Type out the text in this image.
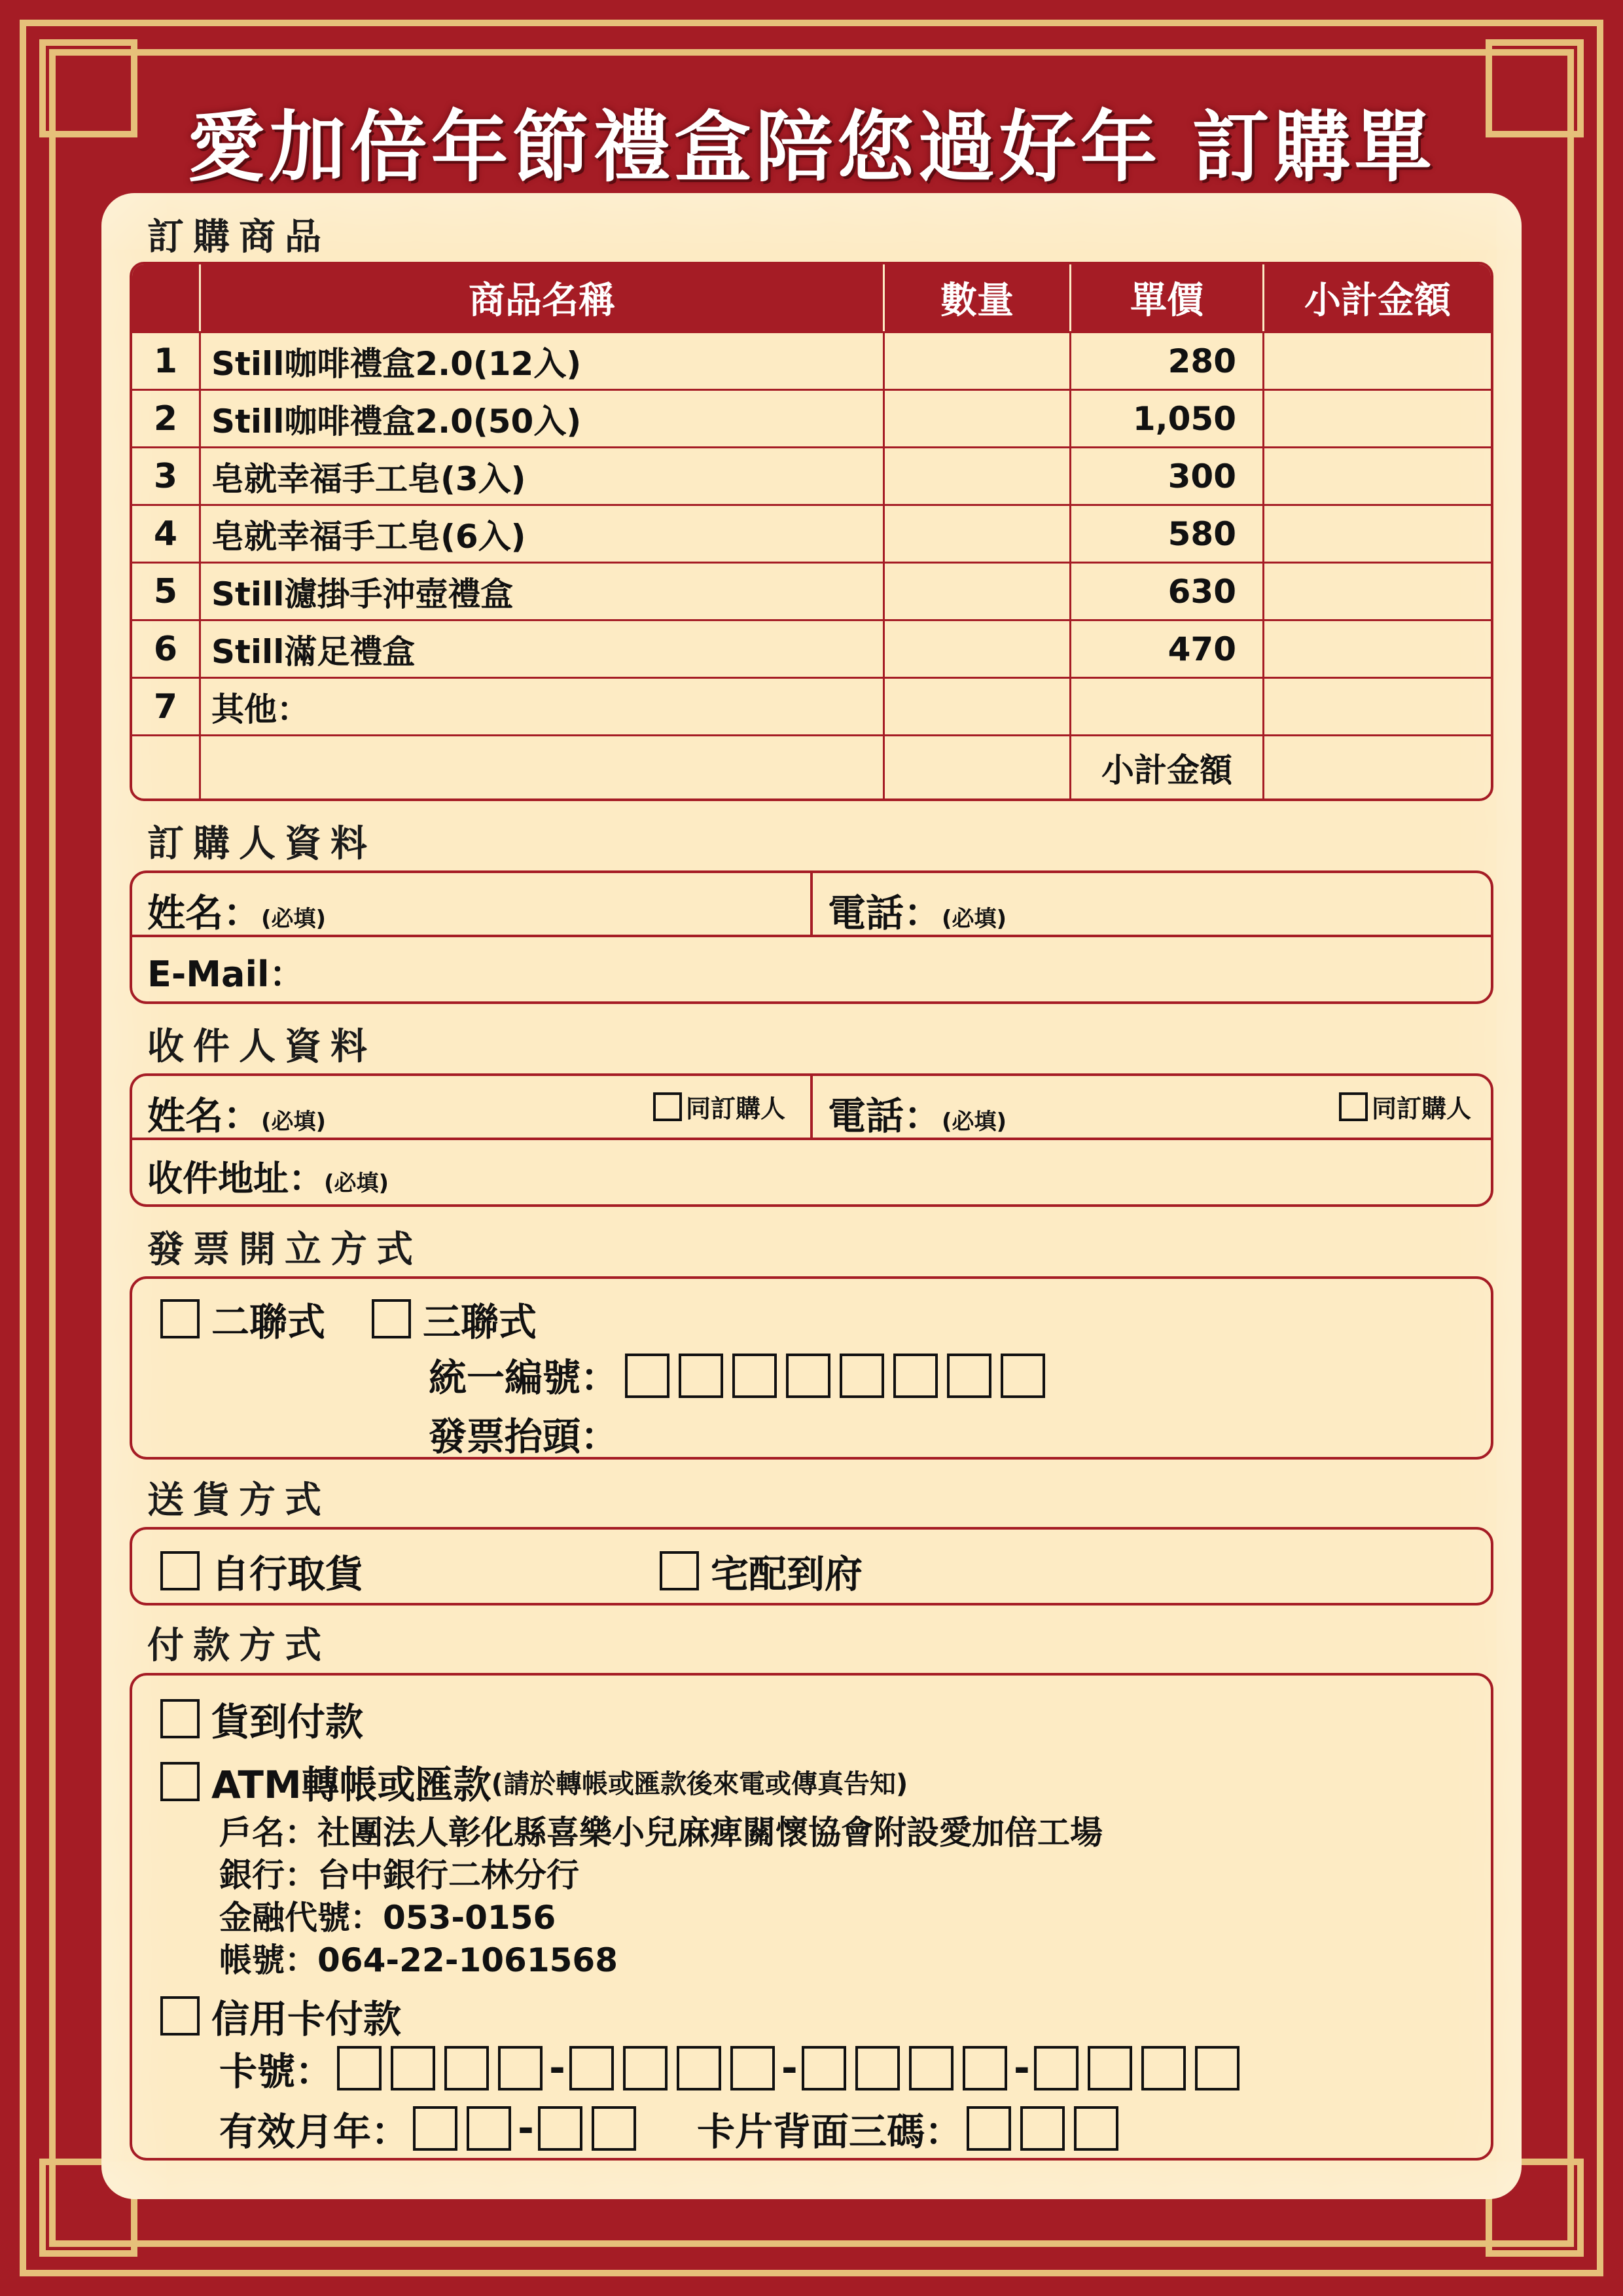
愛加倍年節禮盒陪您過好年 訂購單
訂購商品
	商品名稱	數量	單價	小計金額
1	Still咖啡禮盒2.0(12入)		280	
2	Still咖啡禮盒2.0(50入)		1,050	
3	皂就幸福手工皂(3入)		300	
4	皂就幸福手工皂(6入)		580	
5	Still濾掛手沖壺禮盒		630	
6	Still滿足禮盒		470	
7	其他：			
			小計金額	
訂購人資料
姓名：(必填)	電話：(必填)
E-Mail：
收件人資料
姓名：(必填)	同訂購人 電話：(必填)	同訂購人
收件地址：(必填)
發票開立方式
二聯式	三聯式
統一編號：
發票抬頭：
送貨方式
自行取貨	宅配到府
付款方式
貨到付款
ATM轉帳或匯款 (請於轉帳或匯款後來電或傳真告知)
戶名：社團法人彰化縣喜樂小兒麻痺關懷協會附設愛加倍工場
銀行：台中銀行二林分行
金融代號：053-0156
帳號：064-22-1061568
信用卡付款
卡號：	-	-	-
有效月年：	-	卡片背面三碼：
